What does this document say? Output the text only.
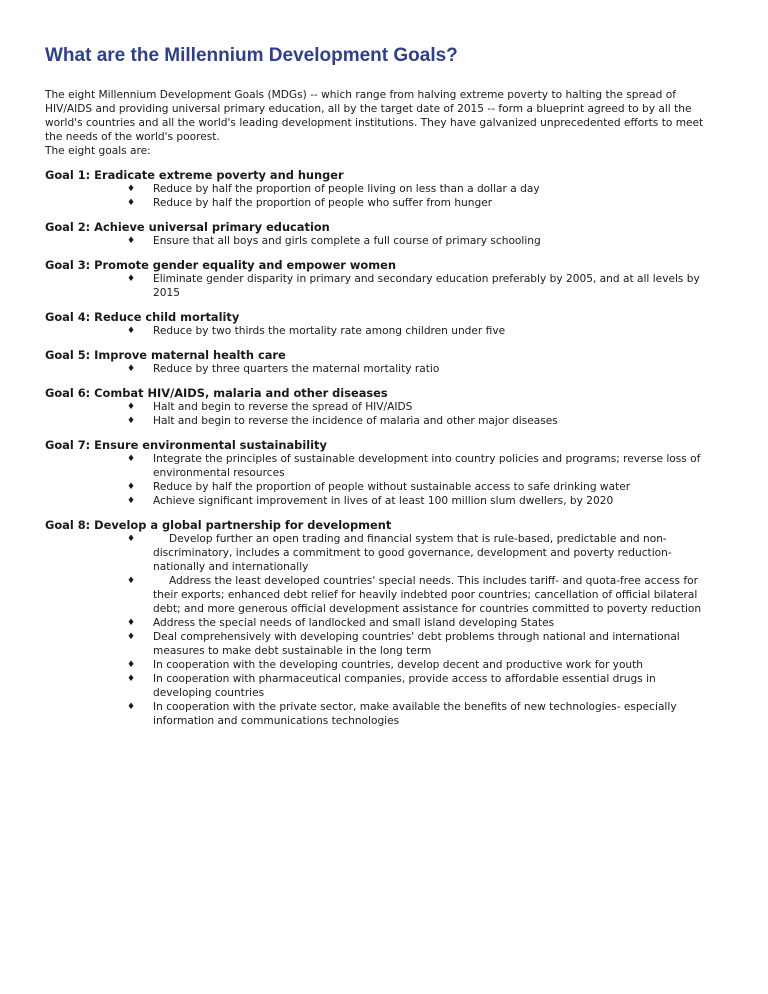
What are the Millennium Development Goals?

The eight Millennium Development Goals (MDGs) -- which range from halving extreme poverty to halting the spread of HIV/AIDS and providing universal primary education, all by the target date of 2015 -- form a blueprint agreed to by all the world's countries and all the world's leading development institutions. They have galvanized unprecedented efforts to meet the needs of the world's poorest.

The eight goals are:

Goal 1: Eradicate extreme poverty and hunger
♦ Reduce by half the proportion of people living on less than a dollar a day
♦ Reduce by half the proportion of people who suffer from hunger
Goal 2: Achieve universal primary education
♦ Ensure that all boys and girls complete a full course of primary schooling
Goal 3: Promote gender equality and empower women
♦ Eliminate gender disparity in primary and secondary education preferably by 2005, and at all levels by 2015
Goal 4: Reduce child mortality
♦ Reduce by two thirds the mortality rate among children under five
Goal 5: Improve maternal health care
♦ Reduce by three quarters the maternal mortality ratio
Goal 6: Combat HIV/AIDS, malaria and other diseases
♦ Halt and begin to reverse the spread of HIV/AIDS
♦ Halt and begin to reverse the incidence of malaria and other major diseases
Goal 7: Ensure environmental sustainability
♦ Integrate the principles of sustainable development into country policies and programs; reverse loss of environmental resources
♦ Reduce by half the proportion of people without sustainable access to safe drinking water
♦ Achieve significant improvement in lives of at least 100 million slum dwellers, by 2020
Goal 8: Develop a global partnership for development
♦	Develop further an open trading and financial system that is rule-based, predictable and non-discriminatory, includes a commitment to good governance, development and poverty reduction- nationally and internationally
♦	Address the least developed countries' special needs. This includes tariff- and quota-free access for their exports; enhanced debt relief for heavily indebted poor countries; cancellation of official bilateral debt; and more generous official development assistance for countries committed to poverty reduction
♦ Address the special needs of landlocked and small island developing States
♦ Deal comprehensively with developing countries' debt problems through national and international measures to make debt sustainable in the long term
♦ In cooperation with the developing countries, develop decent and productive work for youth
♦ In cooperation with pharmaceutical companies, provide access to affordable essential drugs in developing countries
♦ In cooperation with the private sector, make available the benefits of new technologies- especially information and communications technologies
